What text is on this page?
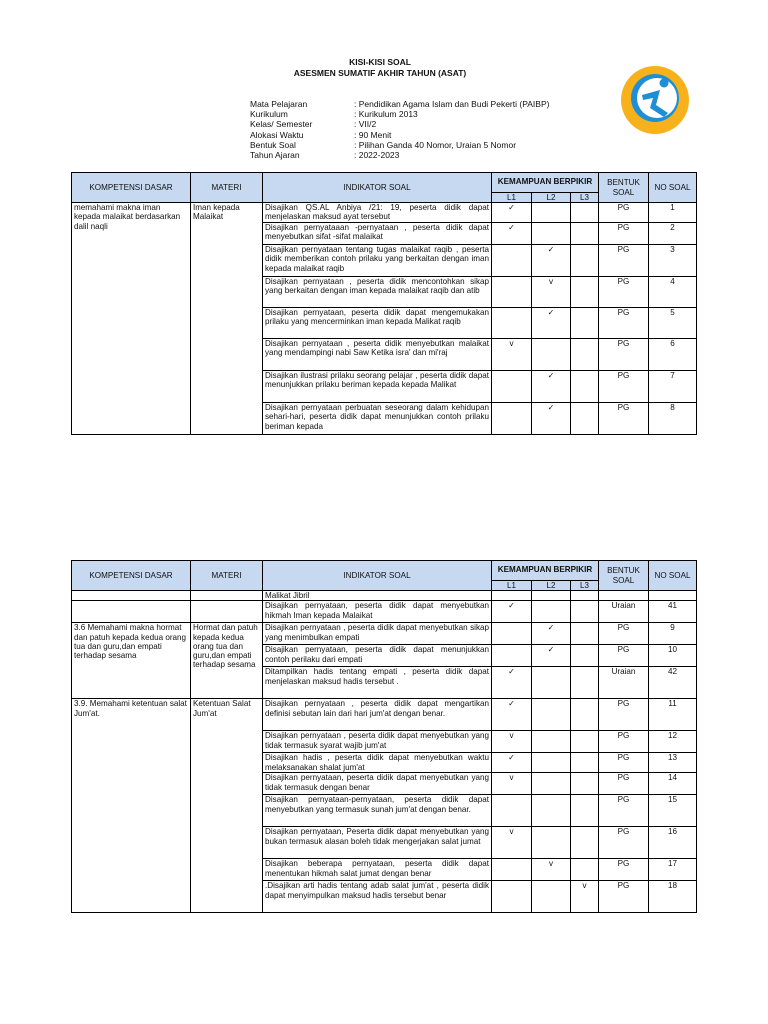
KISI-KISI SOAL
ASESMEN SUMATIF AKHIR TAHUN (ASAT)
Mata Pelajaran	: Pendidikan Agama Islam dan Budi Pekerti (PAIBP)
Kurikulum	: Kurikulum 2013
Kelas/ Semester	: VII/2
Alokasi Waktu	: 90 Menit
Bentuk Soal	: Pilihan Ganda 40 Nomor, Uraian 5 Nomor
Tahun Ajaran	: 2022-2023
KOMPETENSI DASAR	MATERI	INDIKATOR SOAL	KEMAMPUAN BERPIKIR			BENTUK SOAL	NO SOAL
			L1	L2	L3		
memahami makna iman kepada malaikat berdasarkan dalil naqli	Iman kepada Malaikat	Disajikan QS.AL Anbiya /21: 19, peserta didik dapat menjelaskan maksud ayat tersebut	✓			PG	1
		Disajikan pernyataaan -pernyataan , peserta didik dapat menyebutkan sifat -sifat malaikat	✓			PG	2
		Disajikan pernyataan tentang tugas malaikat raqib , peserta didik memberikan contoh prilaku yang berkaitan dengan iman kepada malaikat raqib		✓		PG	3
		Disajikan pernyataan , peserta didik mencontohkan sikap yang berkaitan dengan iman kepada malaikat raqib dan atib		v		PG	4
		Disajikan pernyataan, peserta didik dapat mengemukakan prilaku yang mencerminkan iman kepada Malikat raqib		✓		PG	5
		Disajikan pernyataan , peserta didik menyebutkan malaikat yang mendampingi nabi Saw Ketika isra' dan mi'raj	v			PG	6
		Disajikan ilustrasi prilaku seorang pelajar , peserta didik dapat menunjukkan prilaku beriman kepada kepada Malikat		✓		PG	7
		Disajikan pernyataan perbuatan seseorang dalam kehidupan sehari-hari, peserta didik dapat menunjukkan contoh prilaku beriman kepada		✓		PG	8
KOMPETENSI DASAR	MATERI	INDIKATOR SOAL	KEMAMPUAN BERPIKIR			BENTUK SOAL	NO SOAL
			L1	L2	L3		
		Malikat Jibril					
		Disajikan pernyataan, peserta didik dapat menyebutkan hikmah Iman kepada Malaikat	✓			Uraian	41
3.6 Memahami makna hormat dan patuh kepada kedua orang tua dan guru,dan empati terhadap sesama	Hormat dan patuh kepada kedua orang tua dan guru,dan empati terhadap sesama	Disajikan pernyataan , peserta didik dapat menyebutkan sikap yang menimbulkan empati		✓		PG	9
		Disajikan pernyataan, peserta didik dapat menunjukkan contoh perilaku dari empati		✓		PG	10
		Ditampilkan hadis tentang empati , peserta didik dapat menjelaskan maksud hadis tersebut .	✓			Uraian	42
3.9. Memahami ketentuan salat Jum'at.	Ketentuan Salat Jum'at	Disajikan pernyataan , peserta didik dapat mengartikan definisi sebutan lain dari hari jum'at dengan benar.	✓			PG	11
		Disajikan pernyataan , peserta didik dapat menyebutkan yang tidak termasuk syarat wajib jum'at	v			PG	12
		Disajikan hadis , peserta didik dapat menyebutkan waktu melaksanakan shalat jum'at	✓			PG	13
		Disajikan pernyataan, peserta didik dapat menyebutkan yang tidak termasuk dengan benar	v			PG	14
		Disajikan pernyataan-pernyataan, peserta didik dapat menyebutkan yang termasuk sunah jum'at dengan benar.				PG	15
		Disajikan pernyataan, Peserta didik dapat menyebutkan yang bukan termasuk alasan boleh tidak mengerjakan salat jumat	v			PG	16
		Disajikan beberapa pernyataan, peserta didik dapat menentukan hikmah salat jumat dengan benar		v		PG	17
		.Disajikan arti hadis tentang adab salat jum'at , peserta didik dapat menyimpulkan maksud hadis tersebut benar			v	PG	18
